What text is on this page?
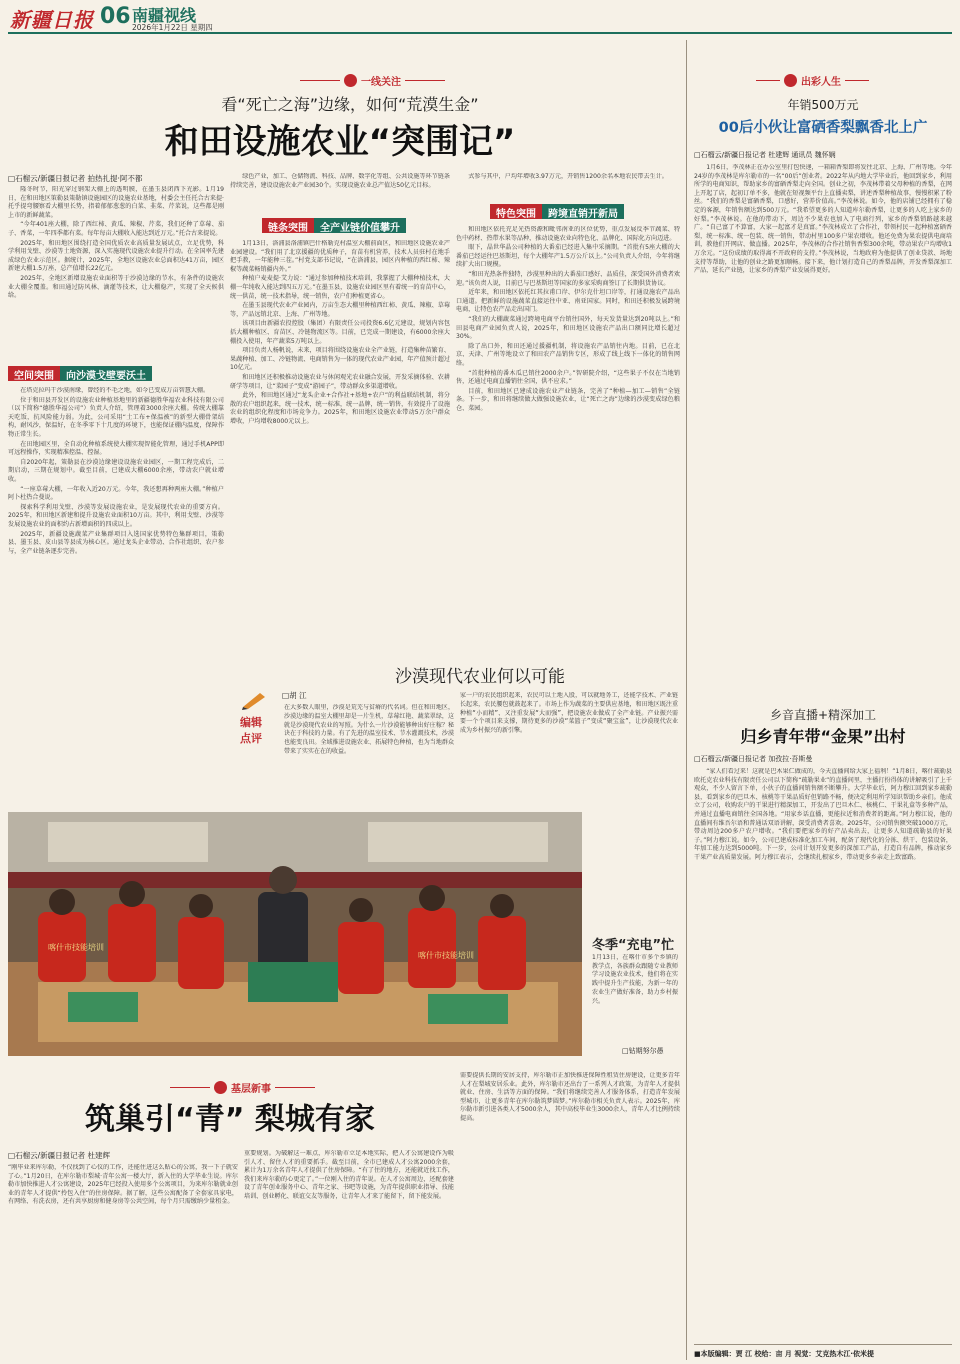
新疆日报 06 南疆视线
2026年1月22日 星期四
一线关注
看“死亡之海”边缘，如何“荒漠生金”
和田设施农业“突围记”
□石榴云/新疆日报记者 拍热扎提·阿不都

隆冬时节，阳光穿过钢架大棚上的透明膜，在墨玉县闭西下光影。1月19日，在和田地区策勒县策勒镇设施园区的设施农业基地，村委会主任托合古来提·托乎提弯腰察看大棚里长势，指着郁郁葱葱的白菜、韭菜、芹菜说，这些都是刚上市的新鲜蔬菜。

“今年401座大棚，除了西红柿、黄瓜、辣椒、芹菜，我们还种了草莓、茄子、香菜，一年四季都有菜。每年每亩大棚收入能达到近万元。”托合古来提说。

2025年，和田地区围绕打造全国优质农业高质量发展试点，立足优势，科学利用戈壁、沙漠等土地资源，深入实施现代设施农业提升行动。在全国率先建成绿色农业示范区。据统计，2025年，全地区设施农业总面积达41万亩，园区新建大棚1.5万座，总产值增长22亿元。

2025年，全地区新增设施农业面积等于沙漠边缘的节水，有条件的设施农业大棚全覆盖。和田通过防风林、滴灌等技术，让大棚稳产，实现了全天候供给。

空间突围	向沙漠戈壁要沃土

在塔克拉玛干沙漠南缘，曾经的不毛之地，如今已变成万亩智慧大棚。

位于和田县开发区的设施农业种植基地里的新疆德胜华福农业科技有限公司（以下简称“德胜华福公司”）负责人介绍，管理着3000余座大棚。传统大棚靠天吃饭，抗风险能力弱。为此，公司采用“土工布+保温被”的新型大棚骨架结构，耐风沙，保温好，在冬季零下十几度的环境下，也能保证棚内温度，保障作物正常生长。

在田地园区里，全自动化种植系统使大棚实现智能化管理，通过手机APP即可远程操作，实现精准控温、控湿。

自2020年起，策勒县在沙漠边缘建设设施农业园区，一期工程完成后，二期启动，三期在规划中。截至目前，已建成大棚6000余座，带动农户就业增收。

“一座草莓大棚，一年收入近20万元。今年，我还想再种两座大棚。”种植户阿卜杜热合曼说。

探索科学利用戈壁、沙漠等发展设施农业，是发展现代农业的重要方向。2025年，和田地区新建和提升设施农业面积10万亩。其中，利用戈壁、沙漠等发展设施农业的面积约占新增面积的四成以上。

2025年，新疆设施蔬菜产业集群项目入选国家优势特色集群项目，策勒县、墨玉县、皮山县等县成为核心区。通过龙头企业带动、合作社组织、农户参与，全产业链条逐步完善。

绿色产业，加工、仓储物流、科技、品牌、数字化等组、公共设施等环节链条持续完善，建设设施农业产业园30个。实现设施农业总产值达50亿元目标。

链条突围	全产业链价值攀升

1月13日，洛浦县洛浦镇巴什格勒克村温室大棚前面区，和田地区设施农业产业园建设。“我们用了北京援疆的优质种子，育苗有机营养，技术人员驻村在地手把手教，一年能种三茬。”村党支部书记说，“在洛浦县，园区内种植的西红柿、辣椒等蔬菜畅销疆内外。”

种植户麦麦提·艾力说：“通过参加种植技术培训，我掌握了大棚种植技术，大棚一年纯收入能达到四五万元。”在墨玉县，设施农业园区里有着统一的育苗中心，统一供苗，统一技术指导，统一销售，农户们种植更省心。

在墨玉县现代农业产业园内，万亩生态大棚里种植西红柿、黄瓜、辣椒、草莓等，产品远销北京、上海、广州等地。

该项目由新疆农投控股（集团）有限责任公司投资6.6亿元建设，规划内容包括大棚种植区、育苗区、冷链物流区等。目前，已完成一期建设，有6000余座大棚投入使用，年产蔬菜5万吨以上。

项目负责人杨帆说，未来，项目将围绕设施农业全产业链，打造集种苗繁育、果蔬种植、加工、冷链物流、电商销售为一体的现代农业产业园，年产值预计超过10亿元。

和田地区还积极推动设施农业与休闲观光农业融合发展，开发采摘体验、农耕研学等项目，让“菜园子”变成“游园子”，带动群众多渠道增收。

此外，和田地区通过“龙头企业+合作社+基地+农户”的利益联结机制，将分散的农户组织起来，统一技术，统一标准，统一品牌，统一销售，有效提升了设施农业的组织化程度和市场竞争力。2025年，和田地区设施农业带动5万余户群众增收，户均增收8000元以上。

式参与其中，户均年增收3.97万元，开销售1200余名本地农民带去生计。

特色突围	跨境直销开新局

和田地区依托充足光热资源和毗邻南亚的区位优势，重点发展反季节蔬菜、特色中药材、热带水果等品种，推动设施农业向特色化、品牌化、国际化方向迈进。

眼下，晶世华晶公司种植的大番茄已经进入集中采摘期。“首批有5座大棚的大番茄已经运往巴基斯坦，每个大棚年产1.5万公斤以上。”公司负责人介绍，今年将继续扩大出口规模。

“和田光热条件独特，沙漠里种出的大番茄口感好、品质佳，深受国外消费者欢迎。”该负责人说，目前已与巴基斯坦等国家的多家采购商签订了长期供货协议。

近年来，和田地区依托红其拉甫口岸、伊尔克什坦口岸等，打通设施农产品出口通道。把新鲜的设施蔬菜直接运往中亚、南亚国家。同时，和田还积极发展跨境电商，让特色农产品走出国门。

“我们的大棚蔬菜通过跨境电商平台销往国外，每天发货量达到20吨以上。”和田县电商产业园负责人说，2025年，和田地区设施农产品出口额同比增长超过30%。

除了出口外，和田还通过援疆机制，将设施农产品销往内地。目前，已在北京、天津、广州等地设立了和田农产品销售专区，形成了线上线下一体化的销售网络。

“首批种植的番木瓜已销往2000余户。”智研院介绍，“这些果子不仅在当地销售，还通过电商直播销往全国，供不应求。”

目前，和田地区已建成设施农业产业链条，完善了“种植—加工—销售”全链条。下一步，和田将继续做大做强设施农业，让“死亡之海”边缘的沙漠变成绿色粮仓、菜园。

沙漠现代农业何以可能
□胡 江
编辑
点评
在大多数人眼里，沙漠是荒芜与贫瘠的代名词。但在和田地区，沙漠边缘的温室大棚里却是一片生机，草莓红艳、蔬菜翠绿，这就是沙漠现代农业的写照。为什么一片沙漠能够种出好庄稼？秘诀在于科技的力量。有了先进的温室技术、节水灌溉技术，沙漠也能变良田。全域推进设施农业、拓展特色种植，也为当地群众带来了实实在在的收益。
家一户的农民组织起来，农民可以土地入股，可以就地务工，还能学技术、产业链长起来，农民腰包就鼓起来了。市场上作为蔬菜的主要供应基地，和田地区既注重种植“小而精”、又注重发展“大而强”，把设施农业做成了全产业链。产业振兴需要一个个项目来支撑，期待更多的沙漠“菜篮子”变成“聚宝盆”，让沙漠现代农业成为乡村振兴的新引擎。
喀什市技能培训
喀什市技能培训
冬季“充电”忙
1月13日，在喀什市多个乡镇的教学点，各族群众跟随专业教师学习设施农业技术，他们将在实践中提升生产技能，为新一年的农业生产做好准备，助力乡村振兴。
□钻期努尔愚
基层新事
筑巢引“青” 梨城有家
□石榴云/新疆日报记者 杜建辉
“刚毕业来库尔勒，不仅找到了心仪的工作，还能住进这么贴心的公寓，我一下子就安了心。”1月20日，在库尔勒市梨城·青年公寓一楼大厅，新入住的大学毕业生说。库尔勒市加快推进人才公寓建设，2025年已经投入使用多个公寓项目，为来库尔勒就业创业的青年人才提供“拎包入住”的住房保障。据了解，这些公寓配备了全套家具家电，有网络、有洗衣房，还有共享厨房和健身房等公共空间，每个月只需缴纳少量租金。
重要规划。为破解这一难点，库尔勒市立足本地实际，把人才公寓建设作为吸引人才、留住人才的重要抓手。截至目前，全市已建成人才公寓2000余套，累计为1万余名青年人才提供了住房保障。“有了住的地方，还能就近找工作，我们来库尔勒的心更定了。”一位刚入住的青年说。在人才公寓周边，还配套建设了青年创业服务中心、青年之家、书吧等设施，为青年提供职业指导、技能培训、创业孵化、联谊交友等服务，让青年人才来了能留下，留下能发展。
需要提供长期的安居支持，库尔勒市正加快推进保障性租赁住房建设，让更多青年人才在梨城安居乐业。此外，库尔勒市还出台了一系列人才政策，为青年人才提供就业、住房、生活等方面的保障。“我们将继续完善人才服务体系，打造青年发展型城市，让更多青年在库尔勒筑梦圆梦。”库尔勒市相关负责人表示。2025年，库尔勒市新引进各类人才5000余人，其中高校毕业生3000余人，青年人才比例持续提高。
出彩人生
年销500万元
00后小伙让富硒香梨飘香北上广
□石榴云/新疆日报记者 杜建辉 通讯员 魏怀娴
1月6日，李茂林正在办公室里打包快递，一箱箱香梨即将发往北京、上海、广州等地。今年24岁的李茂林是库尔勒市的一名“00后”创业者。2022年从内地大学毕业后，他回到家乡，利用所学的电商知识，帮助家乡的富硒香梨走向全国。创业之初，李茂林带着父母种植的香梨，在网上开起了店，起初订单不多，他就在短视频平台上直播卖梨，讲述香梨种植故事，慢慢积累了粉丝。“我们的香梨是富硒香梨，口感好，营养价值高。”李茂林说。如今，他的店铺已经拥有了稳定的客源，年销售额达到500万元。“我希望更多的人知道库尔勒香梨，让更多的人吃上家乡的好梨。”李茂林说。在他的带动下，周边不少果农也加入了电商行列，家乡的香梨销路越来越广。“自己富了不算富，大家一起富才是真富。”李茂林成立了合作社，带领村民一起种植富硒香梨，统一标准、统一包装、统一销售，带动村里100多户果农增收。他还免费为果农提供电商培训，教他们开网店、做直播。2025年，李茂林的合作社销售香梨300余吨，带动果农户均增收1万余元。“这份成绩的取得离不开政府的支持。”李茂林说，当地政府为他提供了创业贷款、场地支持等帮助，让他的创业之路更加顺畅。接下来，他计划打造自己的香梨品牌，开发香梨深加工产品，延长产业链，让家乡的香梨产业发展得更好。
乡音直播+精深加工
归乡青年带“金果”出村
□石榴云/新疆日报记者 加孜拉·吾斯曼
“家人们看过来！这就是巴木果仁做成的，今天直播间给大家上福利！”1月8日，喀什疏勒县欧托克农业科技有限责任公司以下简称“疏勒果业”的直播间里，主播打扮得体的讲解吸引了上千观众，不少人留言下单，小伙子的直播间销售额不断攀升。大学毕业后，阿力穆江回到家乡疏勒县，看到家乡的巴旦木、核桃等干果品质好但销路不畅，便决定利用所学知识帮助乡亲们。他成立了公司，收购农户的干果进行精深加工，开发出了巴旦木仁、核桃仁、干果礼盒等多种产品，并通过直播电商销往全国各地。“用家乡话直播，更能拉近和消费者的距离。”阿力穆江说，他的直播间有维吾尔语和普通话双语讲解，深受消费者喜欢。2025年，公司销售额突破1000万元，带动周边200多户农户增收。“我们要把家乡的好产品卖出去，让更多人知道疏勒县的好果子。”阿力穆江说。如今，公司已建成标准化加工车间，配备了现代化的分拣、烘干、包装设备，年加工能力达到5000吨。下一步，公司计划开发更多的深加工产品，打造自有品牌，推动家乡干果产业高质量发展。阿力穆江表示，会继续扎根家乡，带动更多乡亲走上致富路。
■本版编辑：贾 江 校给：亩 月 视觉：艾克热木江·依米提
